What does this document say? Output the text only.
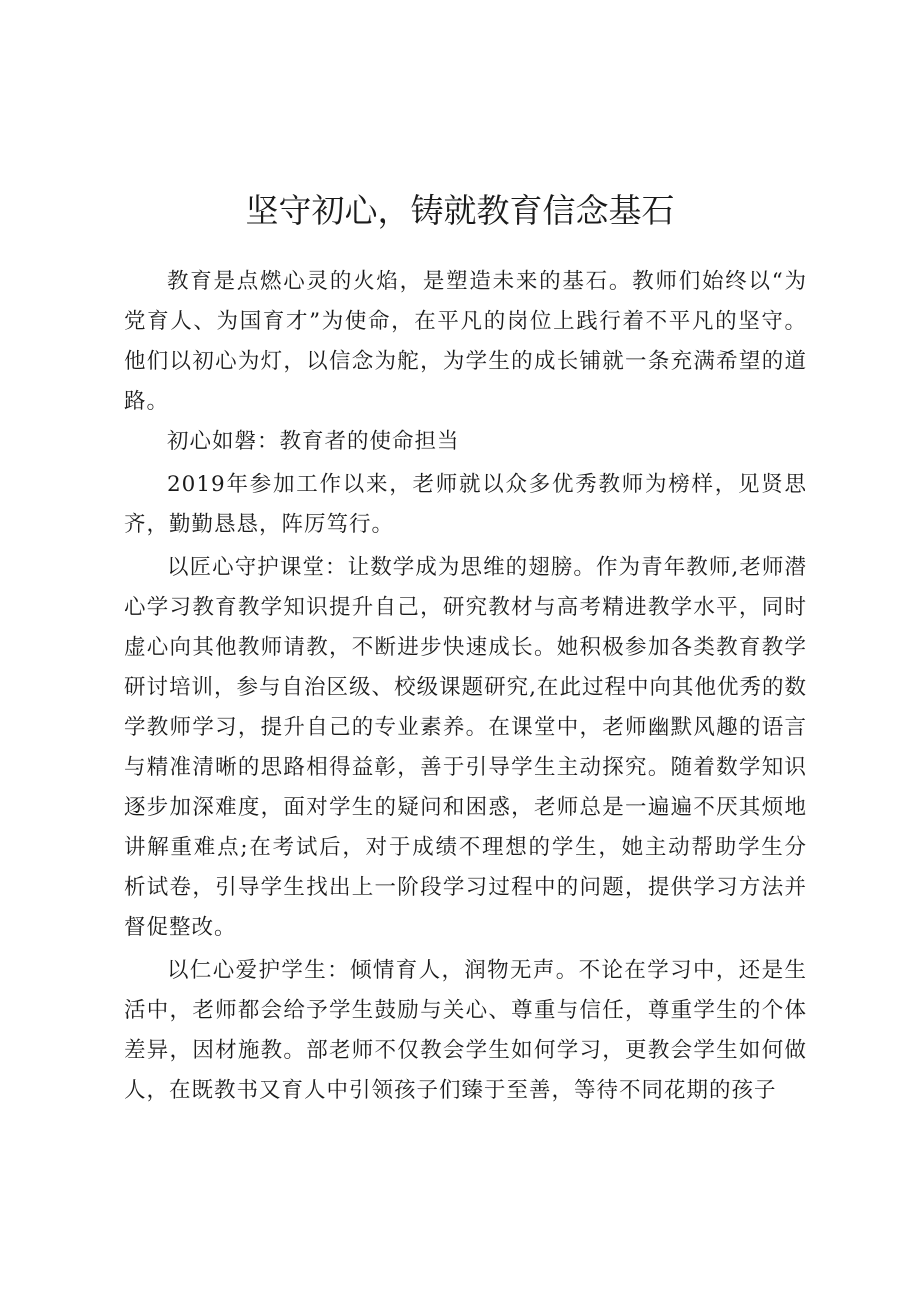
坚守初心，铸就教育信念基石

教育是点燃心灵的火焰，是塑造未来的基石。教师们始终以“为党育人、为国育才”为使命，在平凡的岗位上践行着不平凡的坚守。他们以初心为灯，以信念为舵，为学生的成长铺就一条充满希望的道路。

初心如磐：教育者的使命担当

2019年参加工作以来，老师就以众多优秀教师为榜样，见贤思齐，勤勤恳恳，阵厉笃行。

以匠心守护课堂：让数学成为思维的翅膀。作为青年教师,老师潜心学习教育教学知识提升自己，研究教材与高考精进教学水平，同时虚心向其他教师请教，不断进步快速成长。她积极参加各类教育教学研讨培训，参与自治区级、校级课题研究,在此过程中向其他优秀的数学教师学习，提升自己的专业素养。在课堂中，老师幽默风趣的语言与精准清晰的思路相得益彰，善于引导学生主动探究。随着数学知识逐步加深难度，面对学生的疑问和困惑，老师总是一遍遍不厌其烦地讲解重难点;在考试后，对于成绩不理想的学生，她主动帮助学生分析试卷，引导学生找出上一阶段学习过程中的问题，提供学习方法并督促整改。

以仁心爱护学生：倾情育人，润物无声。不论在学习中，还是生活中，老师都会给予学生鼓励与关心、尊重与信任，尊重学生的个体差异，因材施教。部老师不仅教会学生如何学习，更教会学生如何做人，在既教书又育人中引领孩子们臻于至善，等待不同花期的孩子
